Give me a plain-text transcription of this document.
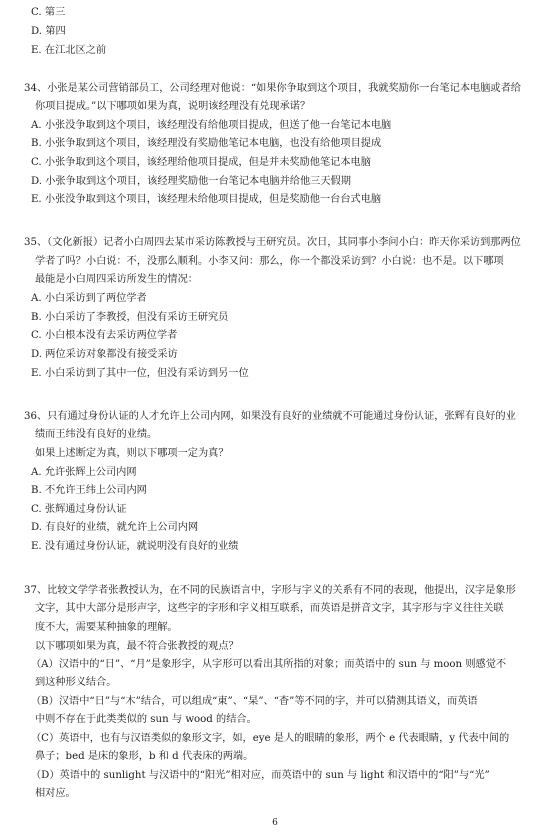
C. 第三
D. 第四
E. 在江北区之前
34、小张是某公司营销部员工，公司经理对他说：“如果你争取到这个项目，我就奖励你一台笔记本电脑或者给
你项目提成。”以下哪项如果为真，说明该经理没有兑现承诺？
A. 小张没争取到这个项目，该经理没有给他项目提成，但送了他一台笔记本电脑
B. 小张争取到这个项目，该经理没有奖励他笔记本电脑，也没有给他项目提成
C. 小张争取到这个项目，该经理给他项目提成，但是并未奖励他笔记本电脑
D. 小张争取到这个项目，该经理奖励他一台笔记本电脑并给他三天假期
E. 小张没争取到这个项目，该经理未给他项目提成，但是奖励他一台台式电脑
35、（文化新报）记者小白周四去某市采访陈教授与王研究员。次日，其同事小李问小白：昨天你采访到那两位
学者了吗？小白说：不，没那么顺利。小李又问：那么，你一个都没采访到？小白说：也不是。以下哪项
最能是小白周四采访所发生的情况：
A. 小白采访到了两位学者
B. 小白采访了李教授，但没有采访王研究员
C. 小白根本没有去采访两位学者
D. 两位采访对象都没有接受采访
E. 小白采访到了其中一位，但没有采访到另一位
36、只有通过身份认证的人才允许上公司内网，如果没有良好的业绩就不可能通过身份认证，张辉有良好的业
绩而王纬没有良好的业绩。
如果上述断定为真，则以下哪项一定为真？
A. 允许张辉上公司内网
B. 不允许王纬上公司内网
C. 张辉通过身份认证
D. 有良好的业绩，就允许上公司内网
E. 没有通过身份认证，就说明没有良好的业绩
37、比较文学学者张教授认为，在不同的民族语言中，字形与字义的关系有不同的表现，他提出，汉字是象形
文字，其中大部分是形声字，这些字的字形和字义相互联系，而英语是拼音文字，其字形与字义往往关联
度不大，需要某种抽象的理解。
以下哪项如果为真，最不符合张教授的观点？
（A）汉语中的“日”、“月”是象形字，从字形可以看出其所指的对象；而英语中的 sun 与 moon 则感觉不
到这种形义结合。
（B）汉语中“日”与“木”结合，可以组成“東”、“杲”、“杳”等不同的字，并可以猜测其语义，而英语
中则不存在于此类类似的 sun 与 wood 的结合。
（C）英语中，也有与汉语类似的象形文字，如，eye 是人的眼睛的象形，两个 e 代表眼睛，y 代表中间的
鼻子；bed 是床的象形，b 和 d 代表床的两端。
（D）英语中的 sunlight 与汉语中的“阳光”相对应，而英语中的 sun 与 light 和汉语中的“阳”与“光”
相对应。
6
